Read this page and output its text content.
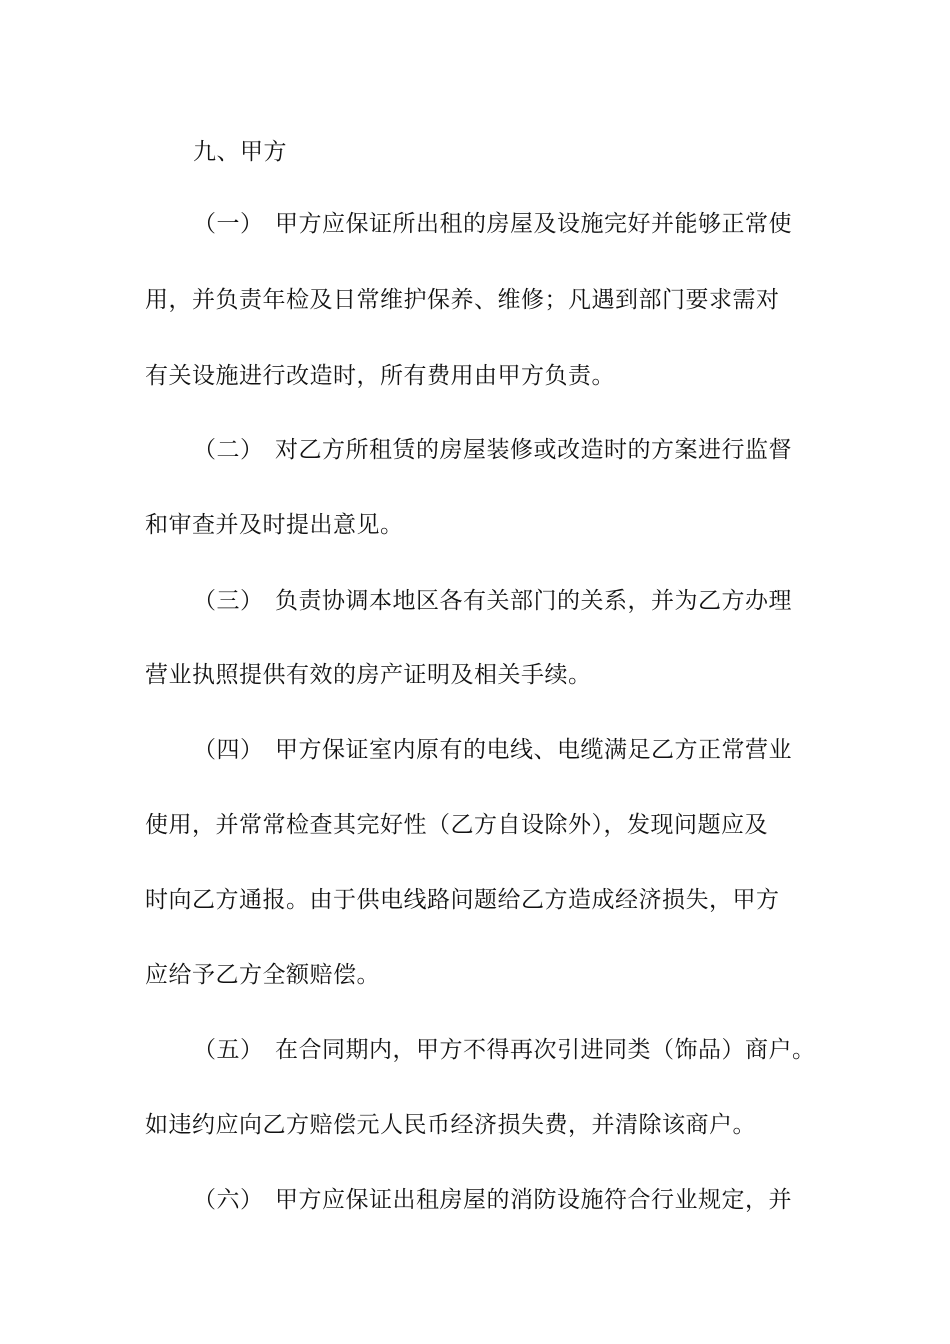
九、甲方
（一） 甲方应保证所出租的房屋及设施完好并能够正常使
用，并负责年检及日常维护保养、维修；凡遇到部门要求需对
有关设施进行改造时，所有费用由甲方负责。
（二） 对乙方所租赁的房屋装修或改造时的方案进行监督
和审查并及时提出意见。
（三） 负责协调本地区各有关部门的关系，并为乙方办理
营业执照提供有效的房产证明及相关手续。
（四） 甲方保证室内原有的电线、电缆满足乙方正常营业
使用，并常常检查其完好性（乙方自设除外），发现问题应及
时向乙方通报。由于供电线路问题给乙方造成经济损失，甲方
应给予乙方全额赔偿。
（五） 在合同期内，甲方不得再次引进同类（饰品）商户。
如违约应向乙方赔偿元人民币经济损失费，并清除该商户。
（六） 甲方应保证出租房屋的消防设施符合行业规定，并
